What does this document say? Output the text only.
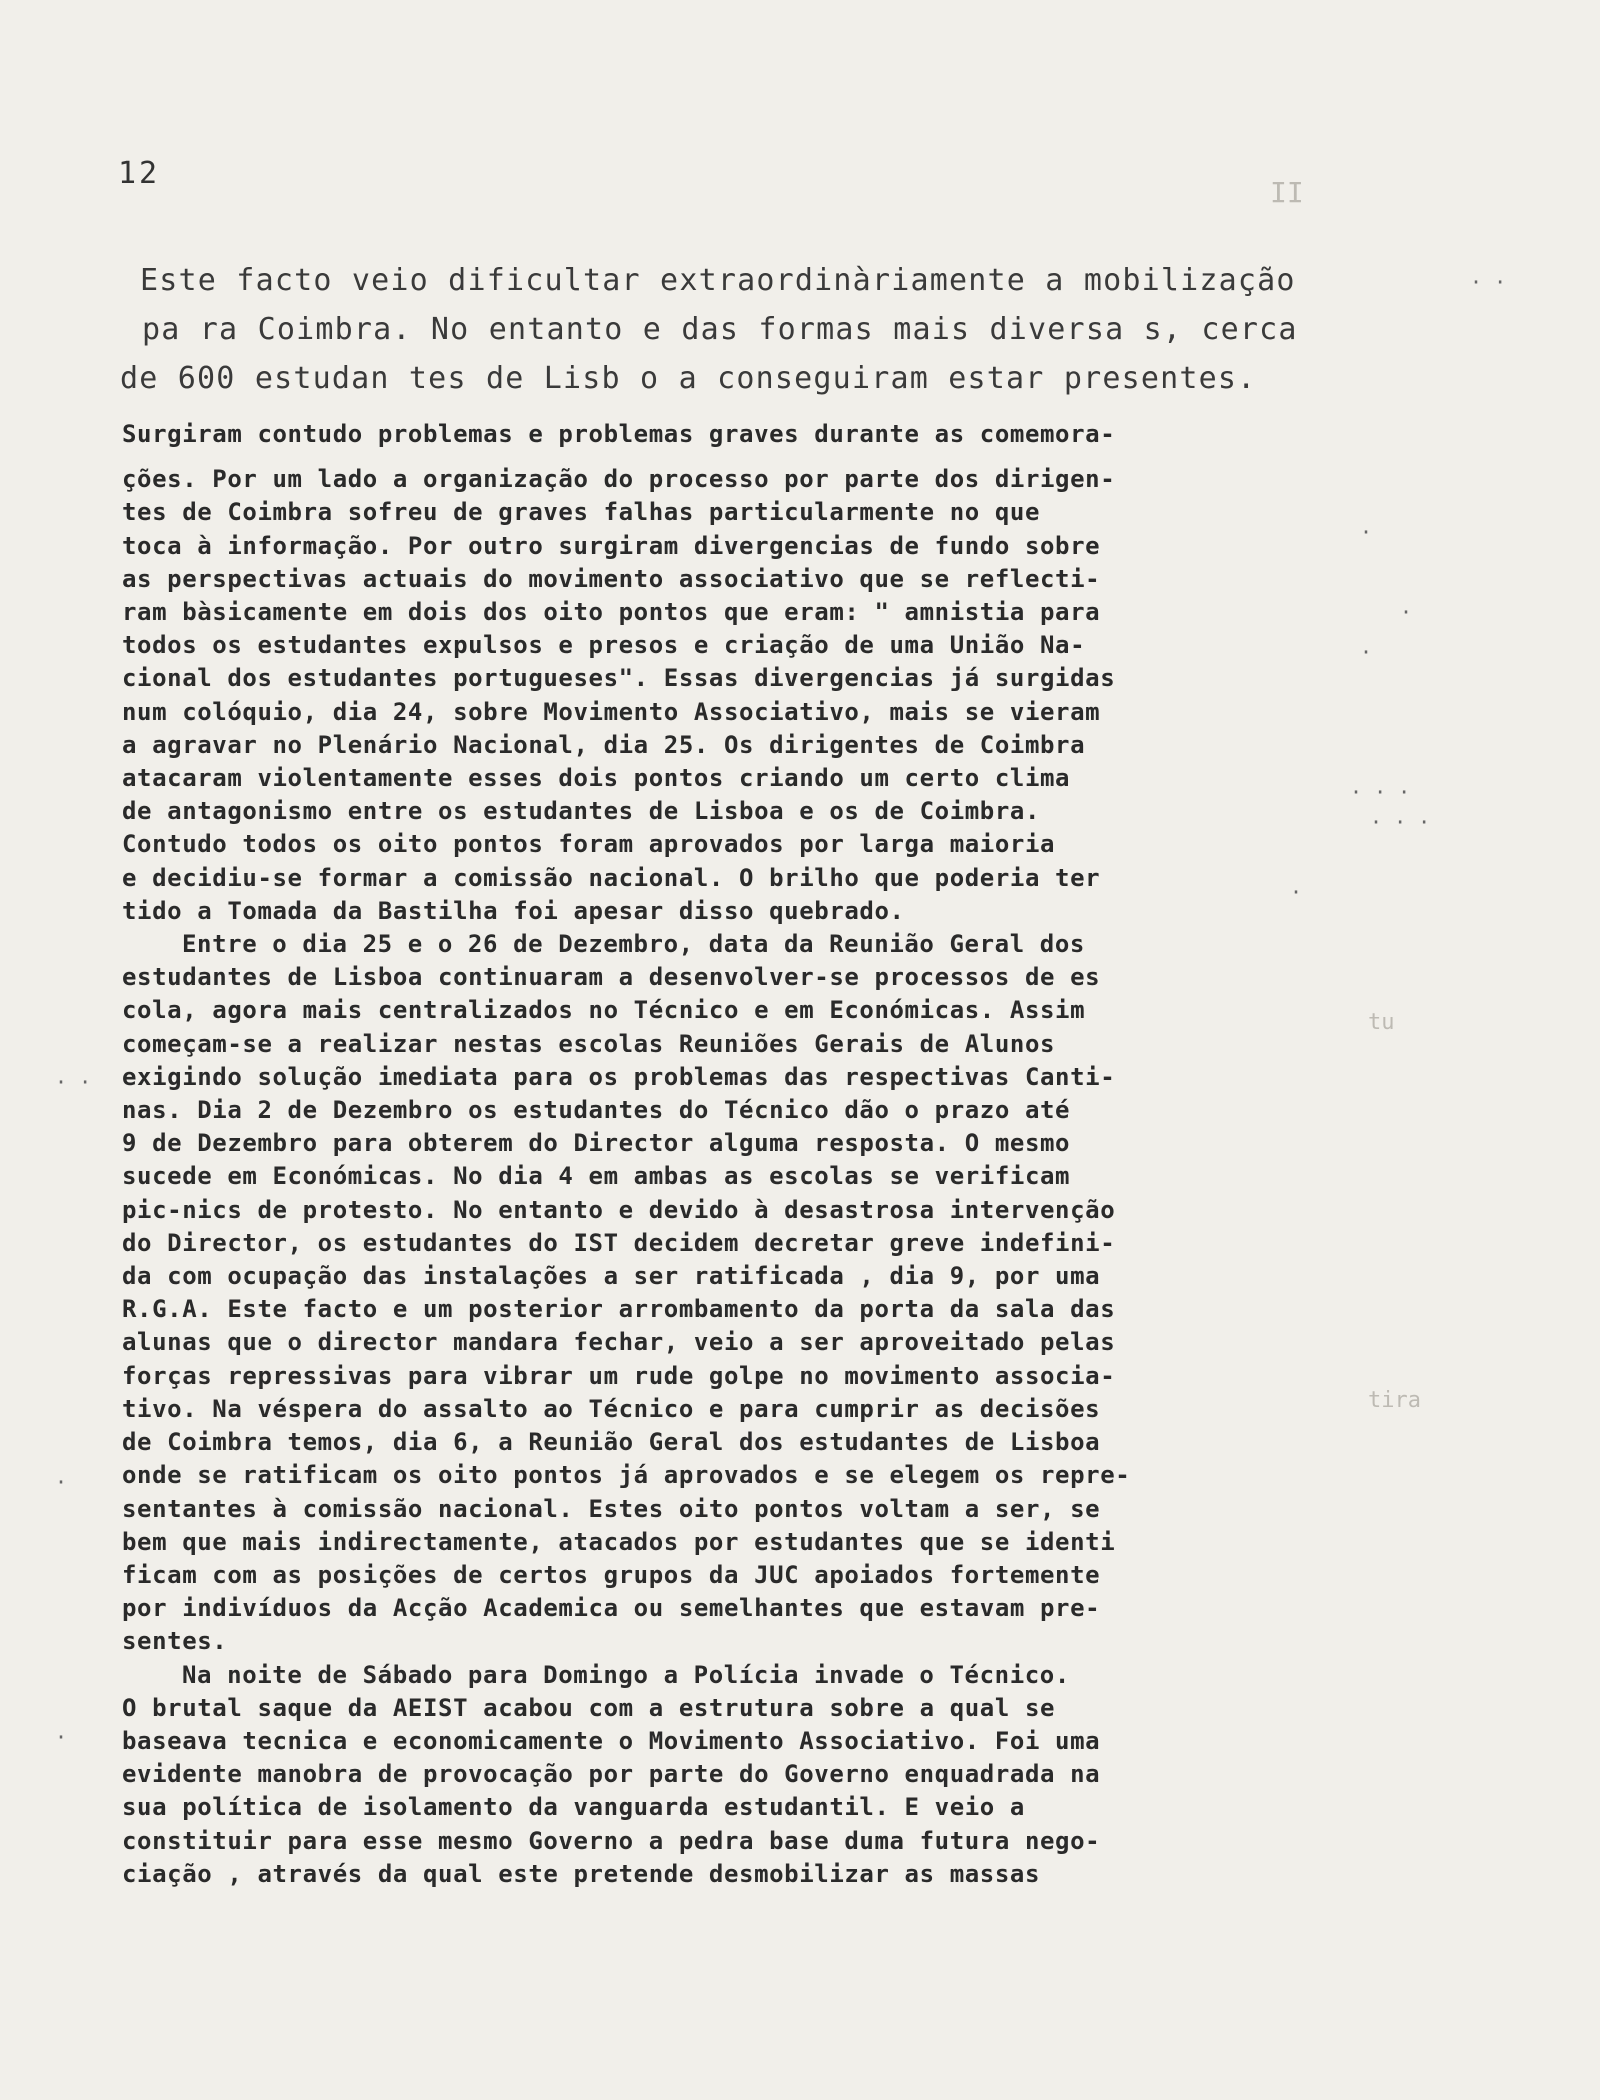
II
tira
tu
12
Este facto veio dificultar extraordinàriamente a mobilização
pa ra Coimbra. No entanto e das formas mais diversa s, cerca
de 600 estudan tes de Lisb o a conseguiram estar presentes.
Surgiram contudo problemas e problemas graves durante as comemora-
ções. Por um lado a organização do processo por parte dos dirigen-
tes de Coimbra sofreu de graves falhas particularmente no que
toca à informação. Por outro surgiram divergencias de fundo sobre
as perspectivas actuais do movimento associativo que se reflecti-
ram bàsicamente em dois dos oito pontos que eram: " amnistia para
todos os estudantes expulsos e presos e criação de uma União Na-
cional dos estudantes portugueses". Essas divergencias já surgidas
num colóquio, dia 24, sobre Movimento Associativo, mais se vieram
a agravar no Plenário Nacional, dia 25. Os dirigentes de Coimbra
atacaram violentamente esses dois pontos criando um certo clima
de antagonismo entre os estudantes de Lisboa e os de Coimbra.
Contudo todos os oito pontos foram aprovados por larga maioria
e decidiu-se formar a comissão nacional. O brilho que poderia ter
tido a Tomada da Bastilha foi apesar disso quebrado.
Entre o dia 25 e o 26 de Dezembro, data da Reunião Geral dos
estudantes de Lisboa continuaram a desenvolver-se processos de es
cola, agora mais centralizados no Técnico e em Económicas. Assim
começam-se a realizar nestas escolas Reuniões Gerais de Alunos
exigindo solução imediata para os problemas das respectivas Canti-
nas. Dia 2 de Dezembro os estudantes do Técnico dão o prazo até
9 de Dezembro para obterem do Director alguma resposta. O mesmo
sucede em Económicas. No dia 4 em ambas as escolas se verificam
pic-nics de protesto. No entanto e devido à desastrosa intervenção
do Director, os estudantes do IST decidem decretar greve indefini-
da com ocupação das instalações a ser ratificada , dia 9, por uma
R.G.A. Este facto e um posterior arrombamento da porta da sala das
alunas que o director mandara fechar, veio a ser aproveitado pelas
forças repressivas para vibrar um rude golpe no movimento associa-
tivo. Na véspera do assalto ao Técnico e para cumprir as decisões
de Coimbra temos, dia 6, a Reunião Geral dos estudantes de Lisboa
onde se ratificam os oito pontos já aprovados e se elegem os repre-
sentantes à comissão nacional. Estes oito pontos voltam a ser, se
bem que mais indirectamente, atacados por estudantes que se identi
ficam com as posições de certos grupos da JUC apoiados fortemente
por indivíduos da Acção Academica ou semelhantes que estavam pre-
sentes.
Na noite de Sábado para Domingo a Polícia invade o Técnico.
O brutal saque da AEIST acabou com a estrutura sobre a qual se
baseava tecnica e economicamente o Movimento Associativo. Foi uma
evidente manobra de provocação por parte do Governo enquadrada na
sua política de isolamento da vanguarda estudantil. E veio a
constituir para esse mesmo Governo a pedra base duma futura nego-
ciação , através da qual este pretende desmobilizar as massas
· ·
·
·
·
· · ·
·
· ·
·
·
· · ·
